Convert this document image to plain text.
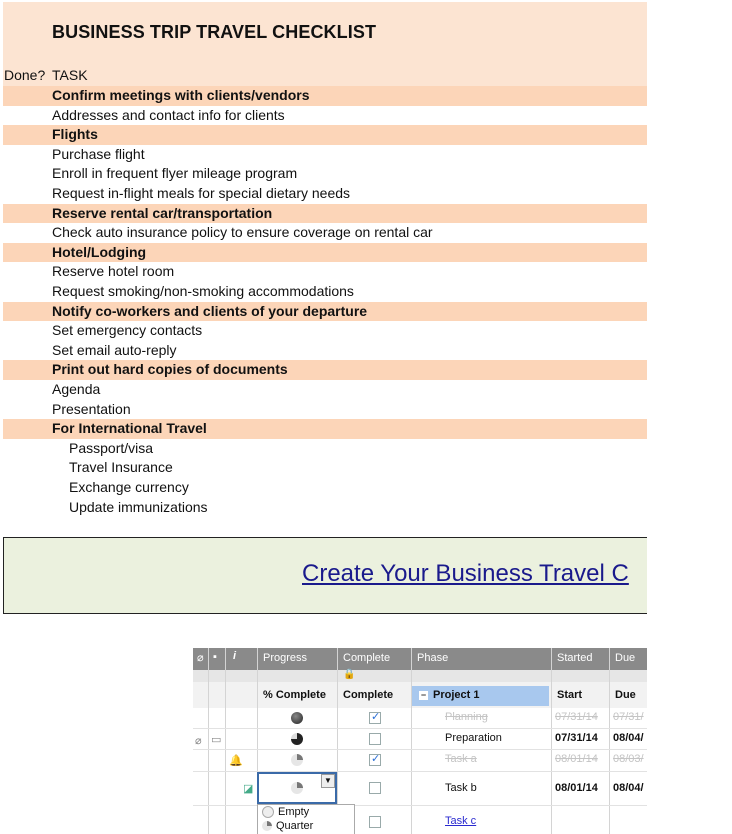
BUSINESS TRIP TRAVEL CHECKLIST
Done? TASK
Confirm meetings with clients/vendors
Addresses and contact info for clients
Flights
Purchase flight
Enroll in frequent flyer mileage program
Request in-flight meals for special dietary needs
Reserve rental car/transportation
Check auto insurance policy to ensure coverage on rental car
Hotel/Lodging
Reserve hotel room
Request smoking/non-smoking accommodations
Notify co-workers and clients of your departure
Set emergency contacts
Set email auto-reply
Print out hard copies of documents
Agenda
Presentation
For International Travel
Passport/visa
Travel Insurance
Exchange currency
Update immunizations
Create Your Business Travel C
⌀ ▪ i Progress	Complete Phase	Started Due
🔒
% Complete Complete	Start	Due
− Project 1
✓
Planning	07/31/14 07/31/
⌀ ▭	Preparation	07/31/14 08/04/
🔔
✓	Task a	08/01/14 08/03/
◪
▼
Task b	08/01/14 08/04/
Task c
Empty
Quarter
